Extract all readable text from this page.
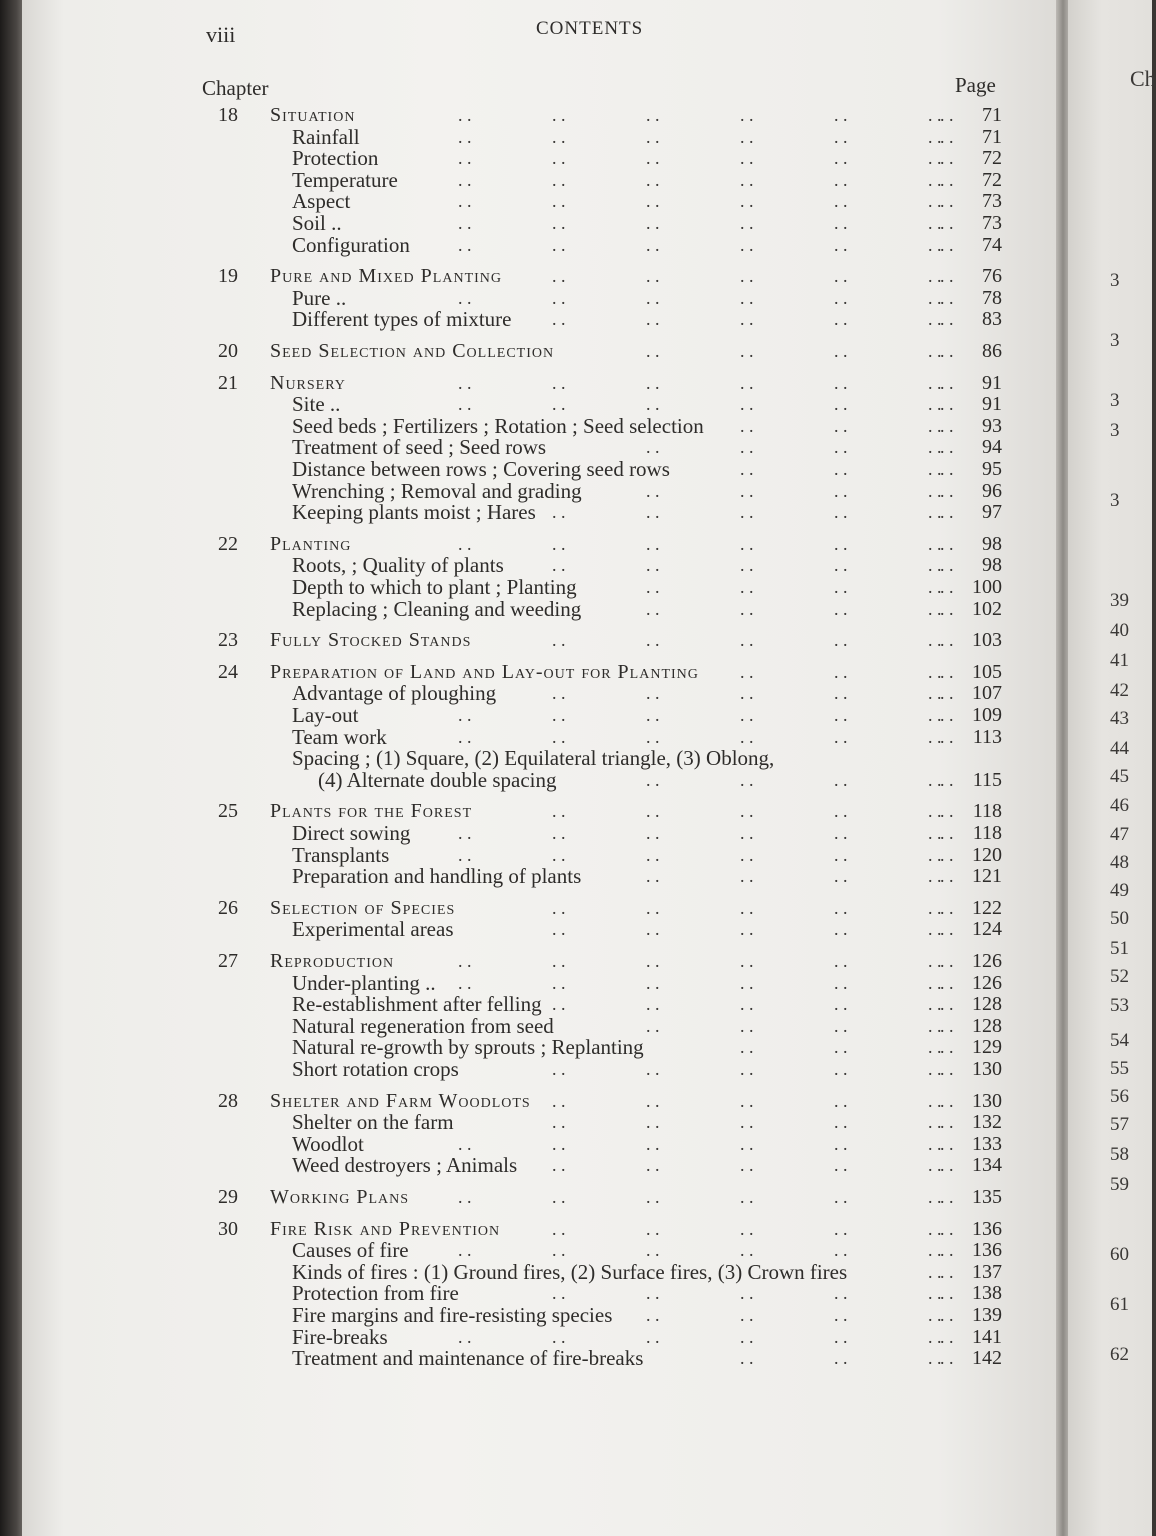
viii	CONTENTS
Chapter	Page
18 Situation	71
. .	. .	. .	. .	. .	. .
. .
Rainfall	71
. .	. .	. .	. .	. .	. .
. .
Protection	72
. .	. .	. .	. .	. .	. .
. .
Temperature	72
. .	. .	. .	. .	. .	. .
. .
Aspect	73
. .	. .	. .	. .	. .	. .
. .
Soil ..	73
. .	. .	. .	. .	. .	. .
. .
Configuration	74
. .	. .	. .	. .	. .	. .
. .
19 Pure and Mixed Planting	76
. .	. .	. .	. .	. .
. .
Pure ..	78
. .	. .	. .	. .	. .	. .
. .
Different types of mixture	83
. .	. .	. .	. .	. .
. .
20 Seed Selection and Collection	86
. .	. .	. .	. .
. .
21 Nursery	91
. .	. .	. .	. .	. .	. .
. .
Site ..	91
. .	. .	. .	. .	. .	. .
. .
Seed beds ; Fertilizers ; Rotation ; Seed selection	93
. .	. .	. .
. .
Treatment of seed ; Seed rows	94
. .	. .	. .	. .
. .
Distance between rows ; Covering seed rows	95
. .	. .	. .
. .
Wrenching ; Removal and grading	96
. .	. .	. .	. .
. .
Keeping plants moist ; Hares	97
. .	. .	. .	. .	. .
. .
22 Planting	98
. .	. .	. .	. .	. .	. .
. .
Roots, ; Quality of plants	98
. .	. .	. .	. .	. .
. .
Depth to which to plant ; Planting	100
. .	. .	. .	. .
. .
Replacing ; Cleaning and weeding	102
. .	. .	. .	. .
. .
23 Fully Stocked Stands	103
. .	. .	. .	. .	. .
. .
24 Preparation of Land and Lay-out for Planting	105
. .	. .	. .
. .
Advantage of ploughing	107
. .	. .	. .	. .	. .
. .
Lay-out	109
. .	. .	. .	. .	. .	. .
. .
Team work	113
. .	. .	. .	. .	. .	. .
. .
Spacing ; (1) Square, (2) Equilateral triangle, (3) Oblong,
(4) Alternate double spacing	115
. .	. .	. .	. .
. .
25 Plants for the Forest	118
. .	. .	. .	. .	. .
. .
Direct sowing	118
. .	. .	. .	. .	. .	. .
. .
Transplants	120
. .	. .	. .	. .	. .	. .
. .
Preparation and handling of plants	121
. .	. .	. .	. .
. .
26 Selection of Species	122
. .	. .	. .	. .	. .
. .
Experimental areas	124
. .	. .	. .	. .	. .
. .
27 Reproduction	126
. .	. .	. .	. .	. .	. .
. .
Under-planting ..	126
. .	. .	. .	. .	. .	. .
. .
Re-establishment after felling	128
. .	. .	. .	. .	. .
. .
Natural regeneration from seed	128
. .	. .	. .	. .
. .
Natural re-growth by sprouts ; Replanting	129
. .	. .	. .
. .
Short rotation crops	130
. .	. .	. .	. .	. .
. .
28 Shelter and Farm Woodlots	130
. .	. .	. .	. .	. .
. .
Shelter on the farm	132
. .	. .	. .	. .	. .
. .
Woodlot	133
. .	. .	. .	. .	. .	. .
. .
Weed destroyers ; Animals	134
. .	. .	. .	. .	. .
. .
29 Working Plans	135
. .	. .	. .	. .	. .	. .
. .
30 Fire Risk and Prevention	136
. .	. .	. .	. .	. .
. .
Causes of fire	136
. .	. .	. .	. .	. .	. .
. .
Kinds of fires : (1) Ground fires, (2) Surface fires, (3) Crown fires	137
. .
. .
Protection from fire	138
. .	. .	. .	. .	. .
. .
Fire margins and fire-resisting species	139
. .	. .	. .	. .
. .
Fire-breaks	141
. .	. .	. .	. .	. .	. .
. .
Treatment and maintenance of fire-breaks	142
. .	. .	. .
. .
Ch
3
3
3
3
3
39
40
41
42
43
44
45
46
47
48
49
50
51
52
53
54
55
56
57
58
59
60
61
62
